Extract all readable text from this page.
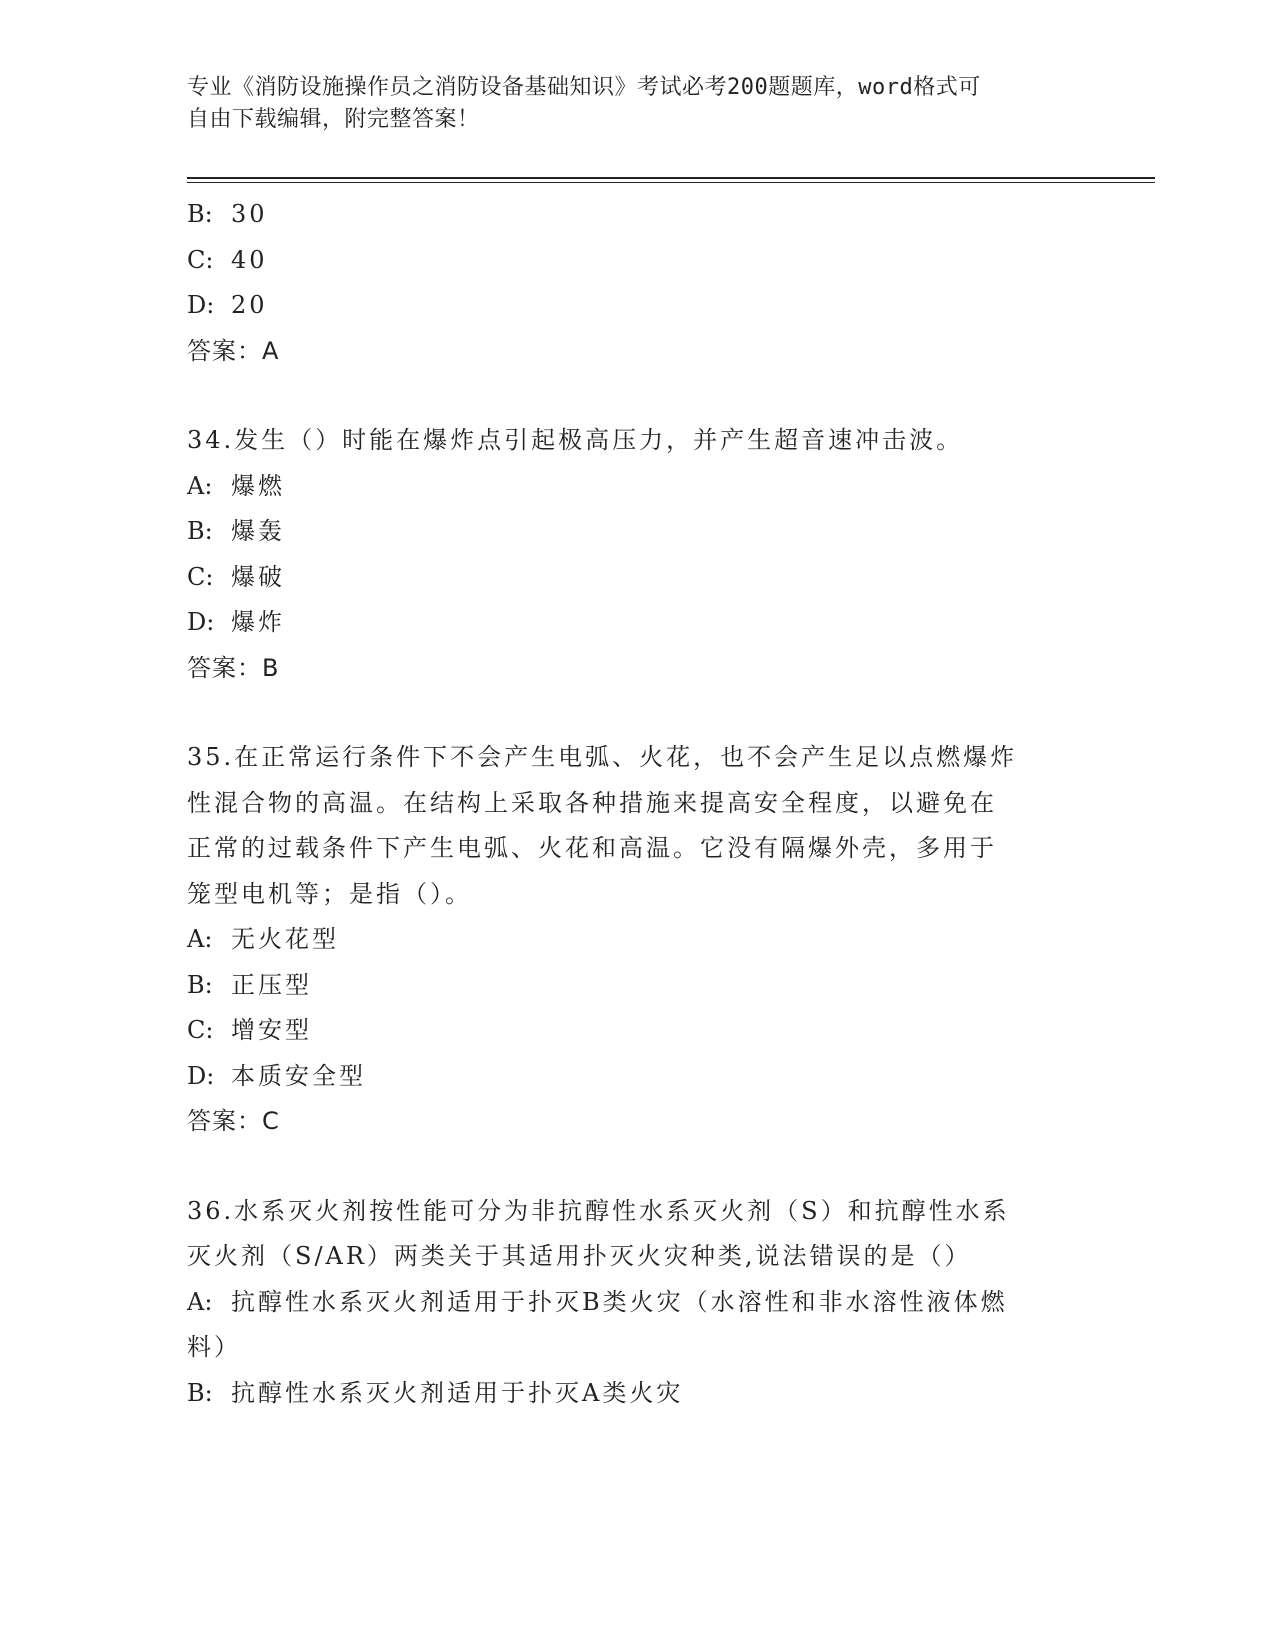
专业《消防设施操作员之消防设备基础知识》考试必考200题题库，word格式可
自由下载编辑，附完整答案！
B: 30
C: 40
D: 20
答案：A
34.发生（）时能在爆炸点引起极高压力，并产生超音速冲击波。
A: 爆燃
B: 爆轰
C: 爆破
D: 爆炸
答案：B
35.在正常运行条件下不会产生电弧、火花，也不会产生足以点燃爆炸
性混合物的高温。在结构上采取各种措施来提高安全程度，以避免在
正常的过载条件下产生电弧、火花和高温。它没有隔爆外壳，多用于
笼型电机等；是指（）。
A: 无火花型
B: 正压型
C: 增安型
D: 本质安全型
答案：C
36.水系灭火剂按性能可分为非抗醇性水系灭火剂（S）和抗醇性水系
灭火剂（S/AR）两类关于其适用扑灭火灾种类,说法错误的是（）
A: 抗醇性水系灭火剂适用于扑灭B类火灾（水溶性和非水溶性液体燃
料）
B: 抗醇性水系灭火剂适用于扑灭A类火灾
